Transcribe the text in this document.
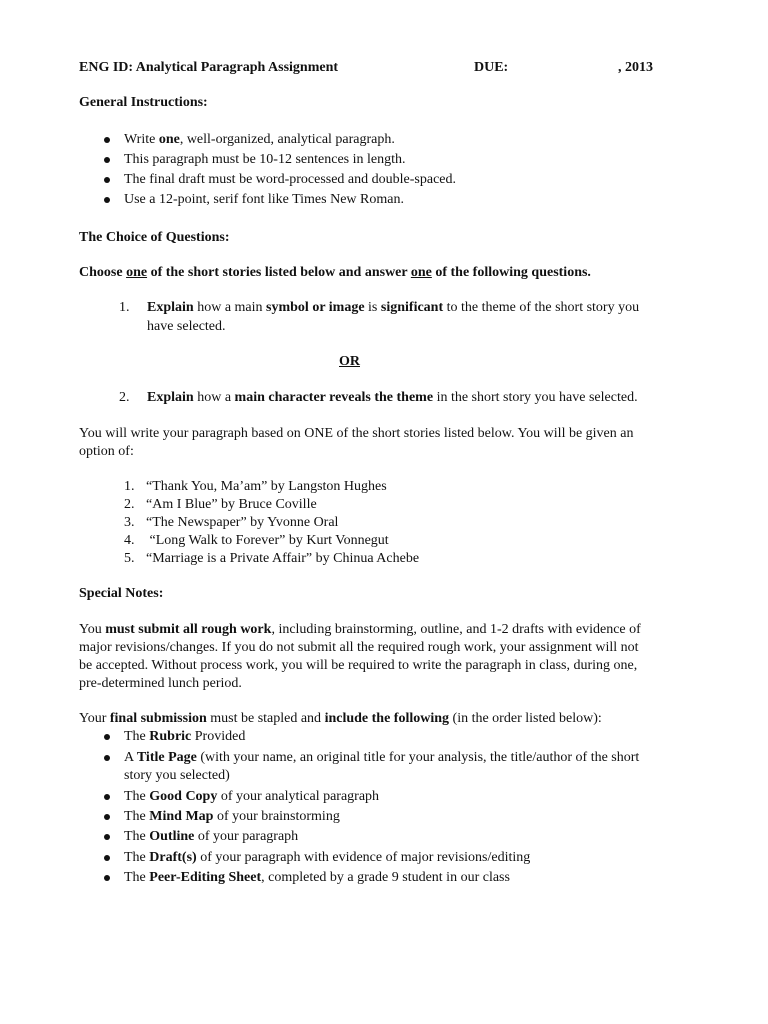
ENG ID: Analytical Paragraph Assignment	DUE:	, 2013
General Instructions:
Write one, well-organized, analytical paragraph.
This paragraph must be 10-12 sentences in length.
The final draft must be word-processed and double-spaced.
Use a 12-point, serif font like Times New Roman.
The Choice of Questions:
Choose one of the short stories listed below and answer one of the following questions.
1. Explain how a main symbol or image is significant to the theme of the short story you
have selected.
OR
2. Explain how a main character reveals the theme in the short story you have selected.
You will write your paragraph based on ONE of the short stories listed below. You will be given an
option of:
1. “Thank You, Ma’am” by Langston Hughes
2. “Am I Blue” by Bruce Coville
3. “The Newspaper” by Yvonne Oral
4. “Long Walk to Forever” by Kurt Vonnegut
5. “Marriage is a Private Affair” by Chinua Achebe
Special Notes:
You must submit all rough work, including brainstorming, outline, and 1-2 drafts with evidence of
major revisions/changes. If you do not submit all the required rough work, your assignment will not
be accepted. Without process work, you will be required to write the paragraph in class, during one,
pre-determined lunch period.
Your final submission must be stapled and include the following (in the order listed below):
The Rubric Provided
A Title Page (with your name, an original title for your analysis, the title/author of the short
story you selected)
The Good Copy of your analytical paragraph
The Mind Map of your brainstorming
The Outline of your paragraph
The Draft(s) of your paragraph with evidence of major revisions/editing
The Peer-Editing Sheet, completed by a grade 9 student in our class
